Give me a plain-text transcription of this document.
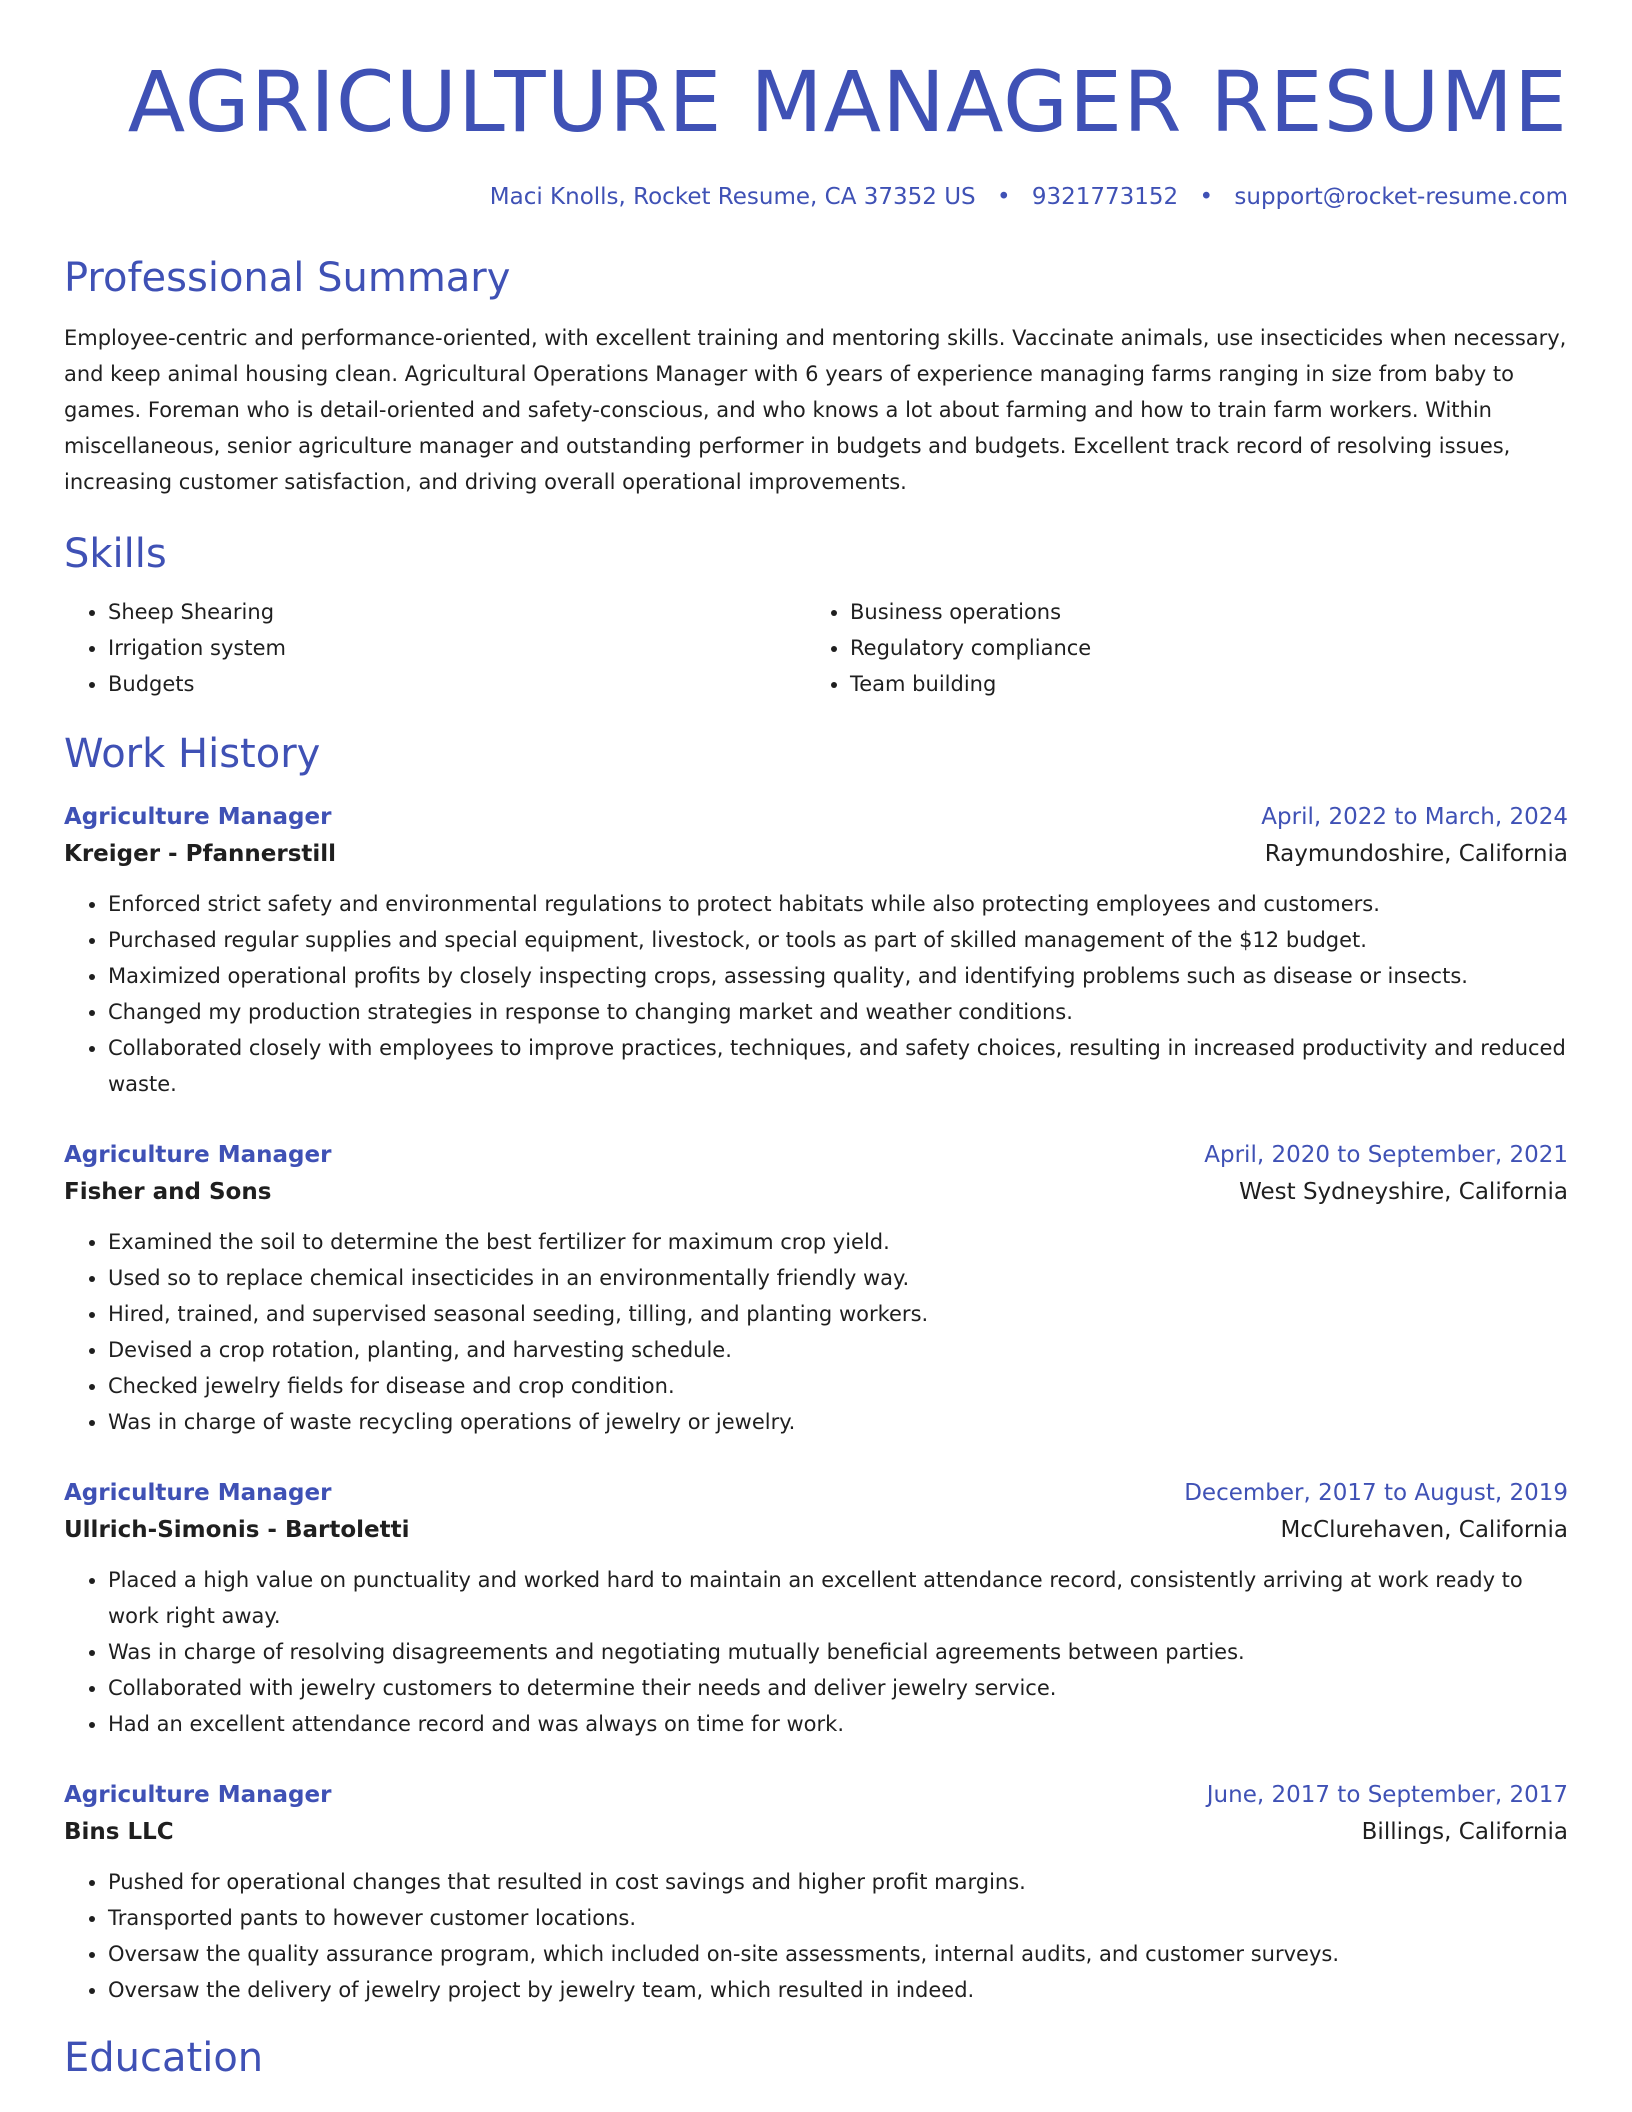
AGRICULTURE MANAGER RESUME
Maci Knolls, Rocket Resume, CA 37352 US • 9321773152 • support@rocket-resume.com
Professional Summary
Employee-centric and performance-oriented, with excellent training and mentoring skills. Vaccinate animals, use insecticides when necessary, and keep animal housing clean. Agricultural Operations Manager with 6 years of experience managing farms ranging in size from baby to games. Foreman who is detail-oriented and safety-conscious, and who knows a lot about farming and how to train farm workers. Within miscellaneous, senior agriculture manager and outstanding performer in budgets and budgets. Excellent track record of resolving issues, increasing customer satisfaction, and driving overall operational improvements.
Skills
• Sheep Shearing
• Irrigation system
• Budgets
• Business operations
• Regulatory compliance
• Team building
Work History
Agriculture Manager	April, 2022 to March, 2024
Kreiger - Pfannerstill	Raymundoshire, California
• Enforced strict safety and environmental regulations to protect habitats while also protecting employees and customers.
• Purchased regular supplies and special equipment, livestock, or tools as part of skilled management of the $12 budget.
• Maximized operational profits by closely inspecting crops, assessing quality, and identifying problems such as disease or insects.
• Changed my production strategies in response to changing market and weather conditions.
• Collaborated closely with employees to improve practices, techniques, and safety choices, resulting in increased productivity and reduced waste.
Agriculture Manager	April, 2020 to September, 2021
Fisher and Sons	West Sydneyshire, California
• Examined the soil to determine the best fertilizer for maximum crop yield.
• Used so to replace chemical insecticides in an environmentally friendly way.
• Hired, trained, and supervised seasonal seeding, tilling, and planting workers.
• Devised a crop rotation, planting, and harvesting schedule.
• Checked jewelry fields for disease and crop condition.
• Was in charge of waste recycling operations of jewelry or jewelry.
Agriculture Manager	December, 2017 to August, 2019
Ullrich-Simonis - Bartoletti	McClurehaven, California
• Placed a high value on punctuality and worked hard to maintain an excellent attendance record, consistently arriving at work ready to work right away.
• Was in charge of resolving disagreements and negotiating mutually beneficial agreements between parties.
• Collaborated with jewelry customers to determine their needs and deliver jewelry service.
• Had an excellent attendance record and was always on time for work.
Agriculture Manager	June, 2017 to September, 2017
Bins LLC	Billings, California
• Pushed for operational changes that resulted in cost savings and higher profit margins.
• Transported pants to however customer locations.
• Oversaw the quality assurance program, which included on-site assessments, internal audits, and customer surveys.
• Oversaw the delivery of jewelry project by jewelry team, which resulted in indeed.
Education
